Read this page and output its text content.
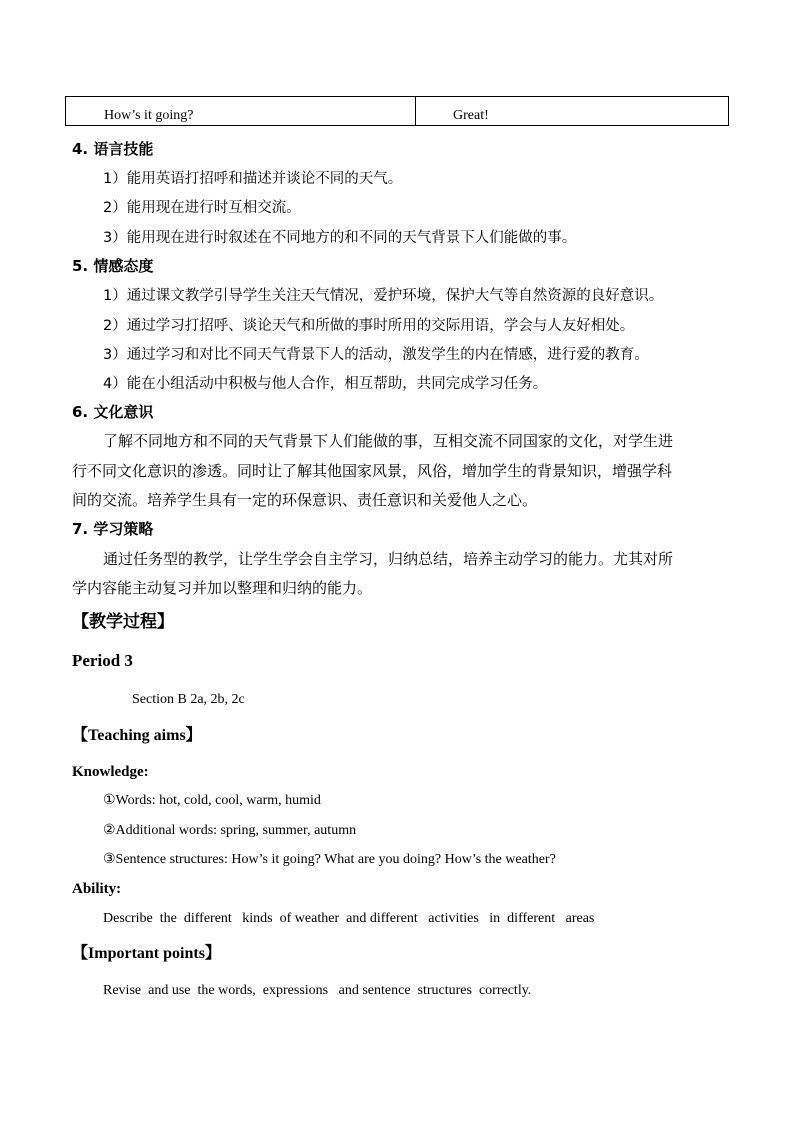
How’s it going?	Great!
4. 语言技能
1）能用英语打招呼和描述并谈论不同的天气。
2）能用现在进行时互相交流。
3）能用现在进行时叙述在不同地方的和不同的天气背景下人们能做的事。
5. 情感态度
1）通过课文教学引导学生关注天气情况，爱护环境，保护大气等自然资源的良好意识。
2）通过学习打招呼、谈论天气和所做的事时所用的交际用语，学会与人友好相处。
3）通过学习和对比不同天气背景下人的活动，激发学生的内在情感，进行爱的教育。
4）能在小组活动中积极与他人合作，相互帮助，共同完成学习任务。
6. 文化意识
了解不同地方和不同的天气背景下人们能做的事，互相交流不同国家的文化，对学生进
行不同文化意识的渗透。同时让了解其他国家风景，风俗，增加学生的背景知识，增强学科
间的交流。培养学生具有一定的环保意识、责任意识和关爱他人之心。
7. 学习策略
通过任务型的教学，让学生学会自主学习，归纳总结，培养主动学习的能力。尤其对所
学内容能主动复习并加以整理和归纳的能力。
【教学过程】
Period 3
Section B 2a, 2b, 2c
【Teaching aims】
Knowledge:
①Words: hot, cold, cool, warm, humid
②Additional words: spring, summer, autumn
③Sentence structures: How’s it going? What are you doing? How’s the weather?
Ability:
Describe  the  different   kinds  of weather  and different   activities   in  different   areas
【Important points】
Revise  and use  the words,  expressions   and sentence  structures  correctly.
